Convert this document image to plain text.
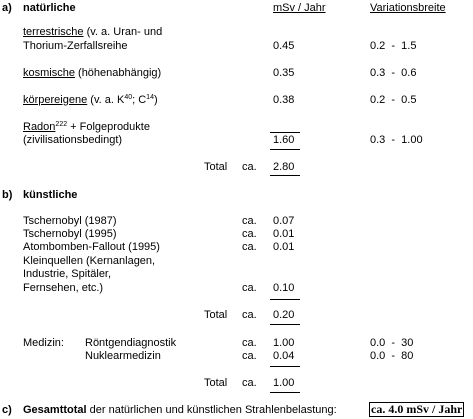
a) natürliche	mSv / Jahr	Variationsbreite
terrestrische (v. a. Uran- und
Thorium-Zerfallsreihe	0.45	0.2  -  1.5
kosmische (höhenabhängig)	0.35	0.3  -  0.6
körpereigene (v. a. $K^{40}$; $C^{14}$)	0.38	0.2  -  0.5
Radon$^{222}$ + Folgeprodukte
(zivilisationsbedingt)	1.60	0.3  -  1.00
Total ca. 2.80
b) künstliche
Tschernobyl (1987)	ca. 0.07
Tschernobyl (1995)	ca. 0.01
Atombomben-Fallout (1995)	ca. 0.01
Kleinquellen (Kernanlagen,
Industrie, Spitäler,
Fernsehen, etc.)	ca. 0.10
Total ca. 0.20
Medizin: Röntgendiagnostik	ca. 1.00	0.0  -  30
Nuklearmedizin	ca. 0.04	0.0  -  80
Total ca. 1.00
c) Gesamttotal der natürlichen und künstlichen Strahlenbelastung:	ca. 4.0 mSv / Jahr
